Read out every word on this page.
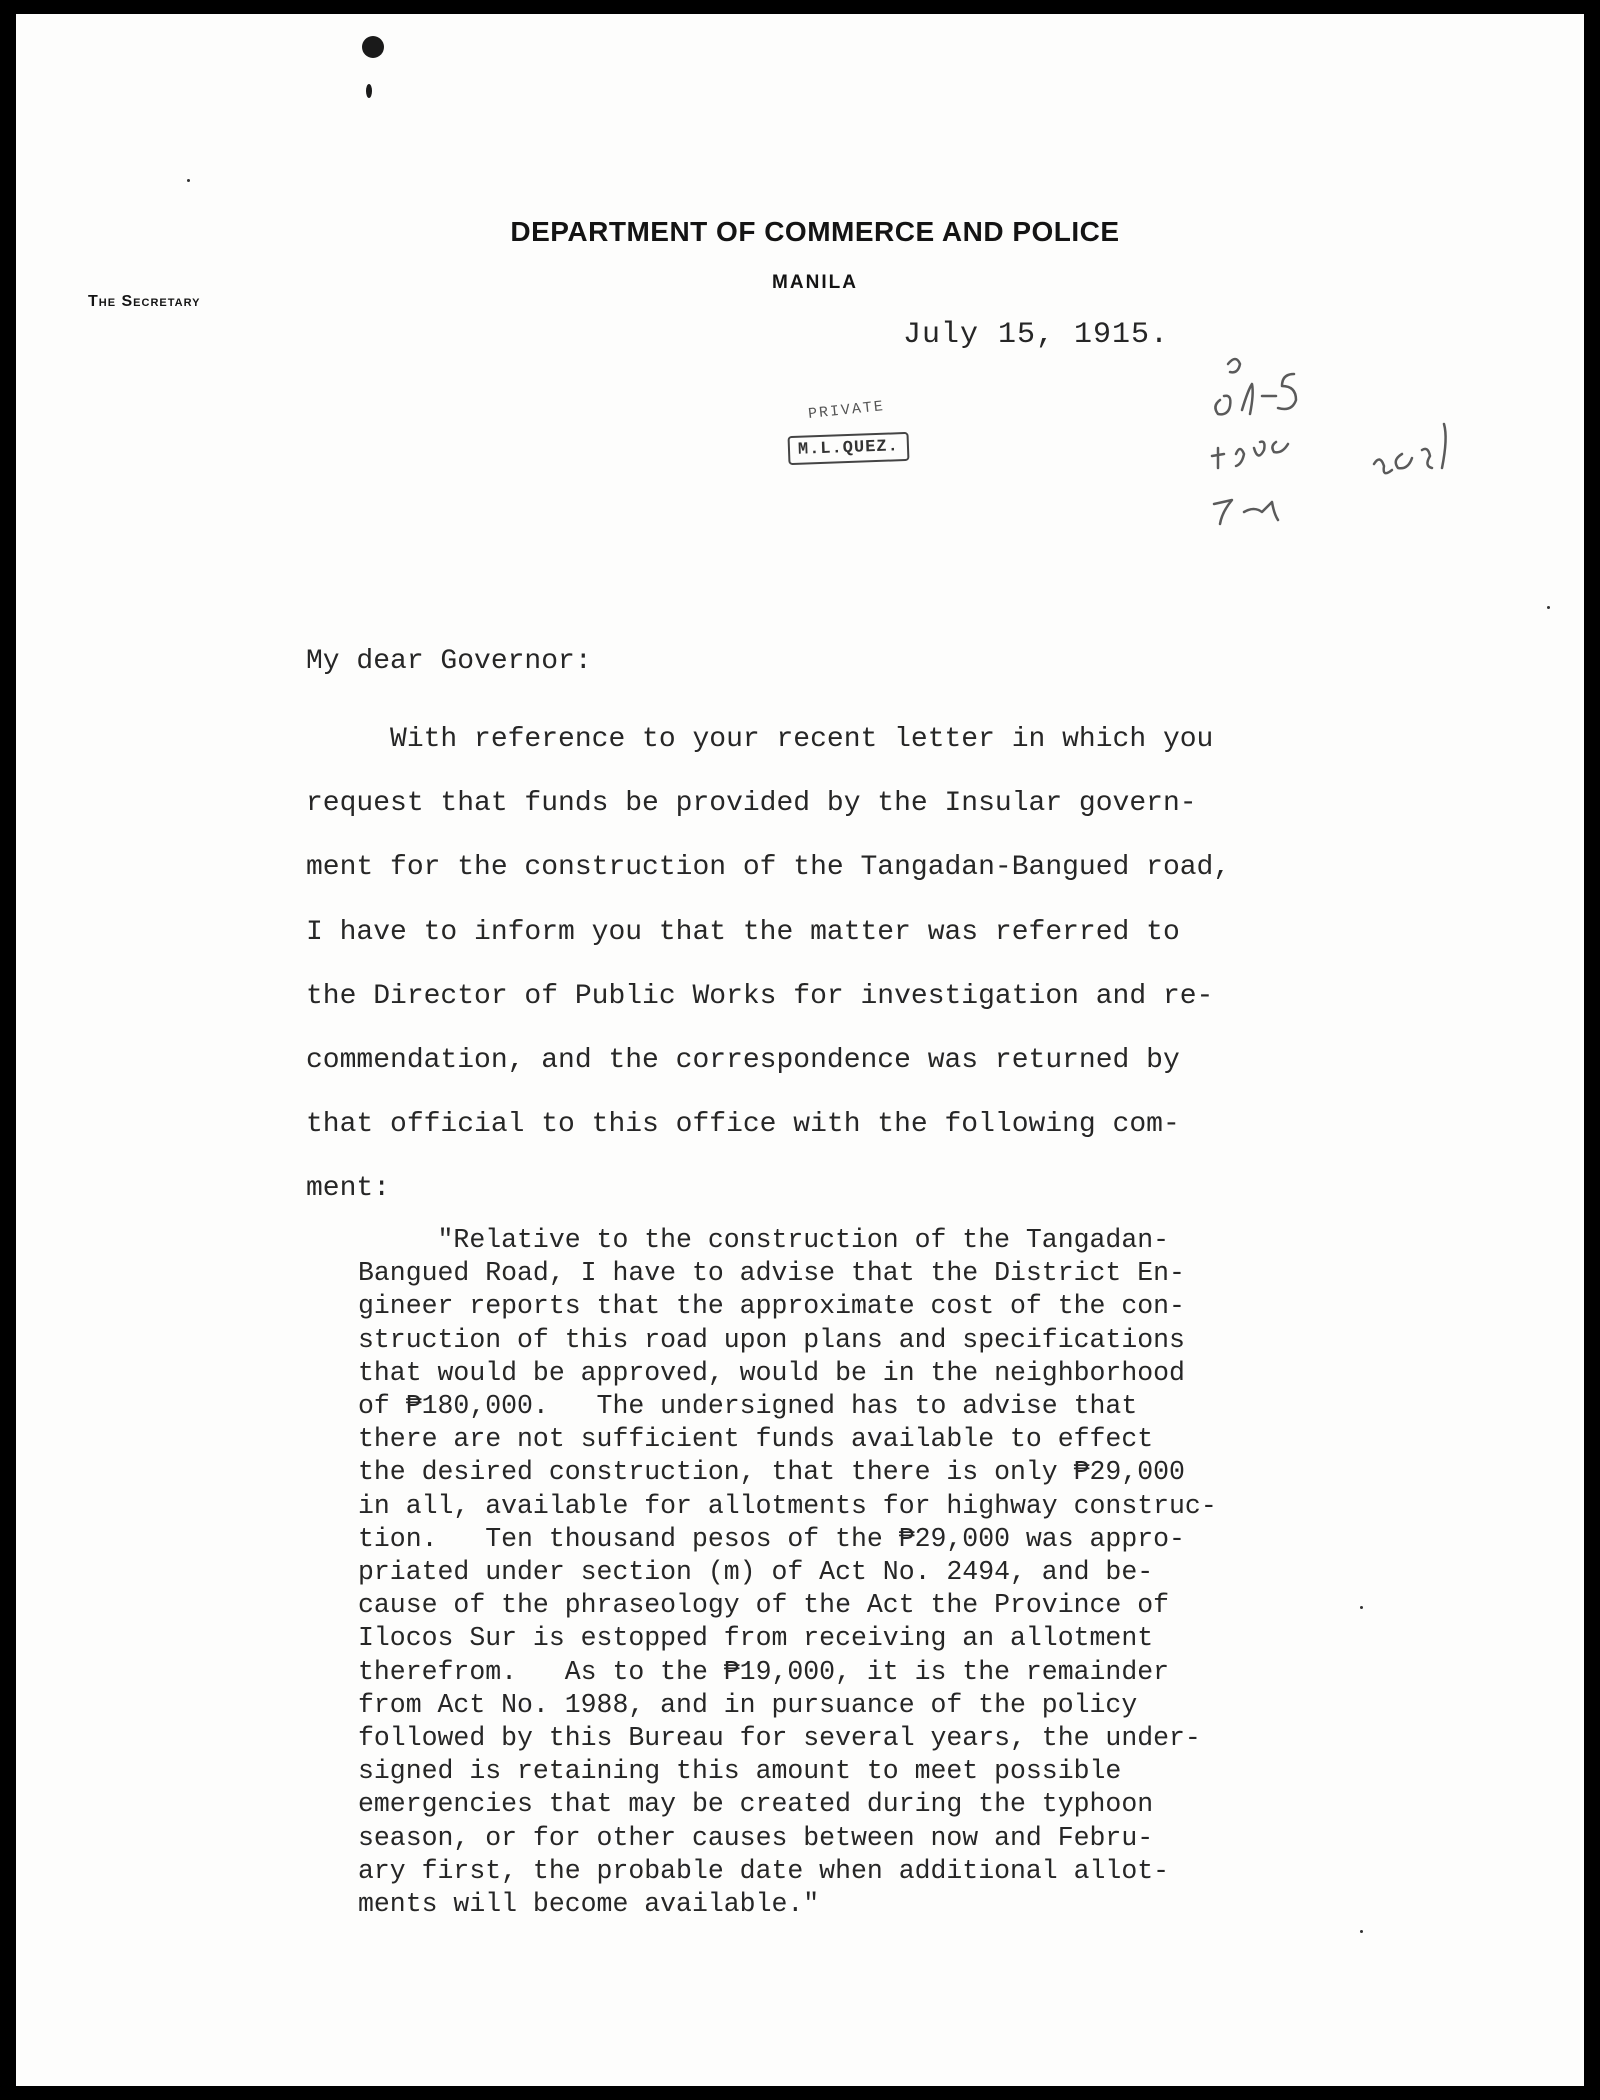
DEPARTMENT OF COMMERCE AND POLICE
MANILA
The Secretary
July 15, 1915.
PRIVATE
M.L.QUEZ.
My dear Governor:
With reference to your recent letter in which you
request that funds be provided by the Insular govern-
ment for the construction of the Tangadan-Bangued road,
I have to inform you that the matter was referred to
the Director of Public Works for investigation and re-
commendation, and the correspondence was returned by
that official to this office with the following com-
ment:
"Relative to the construction of the Tangadan-
Bangued Road, I have to advise that the District En-
gineer reports that the approximate cost of the con-
struction of this road upon plans and specifications
that would be approved, would be in the neighborhood
of ₱180,000.   The undersigned has to advise that
there are not sufficient funds available to effect
the desired construction, that there is only ₱29,000
in all, available for allotments for highway construc-
tion.   Ten thousand pesos of the ₱29,000 was appro-
priated under section (m) of Act No. 2494, and be-
cause of the phraseology of the Act the Province of
Ilocos Sur is estopped from receiving an allotment
therefrom.   As to the ₱19,000, it is the remainder
from Act No. 1988, and in pursuance of the policy
followed by this Bureau for several years, the under-
signed is retaining this amount to meet possible
emergencies that may be created during the typhoon
season, or for other causes between now and Febru-
ary first, the probable date when additional allot-
ments will become available."
